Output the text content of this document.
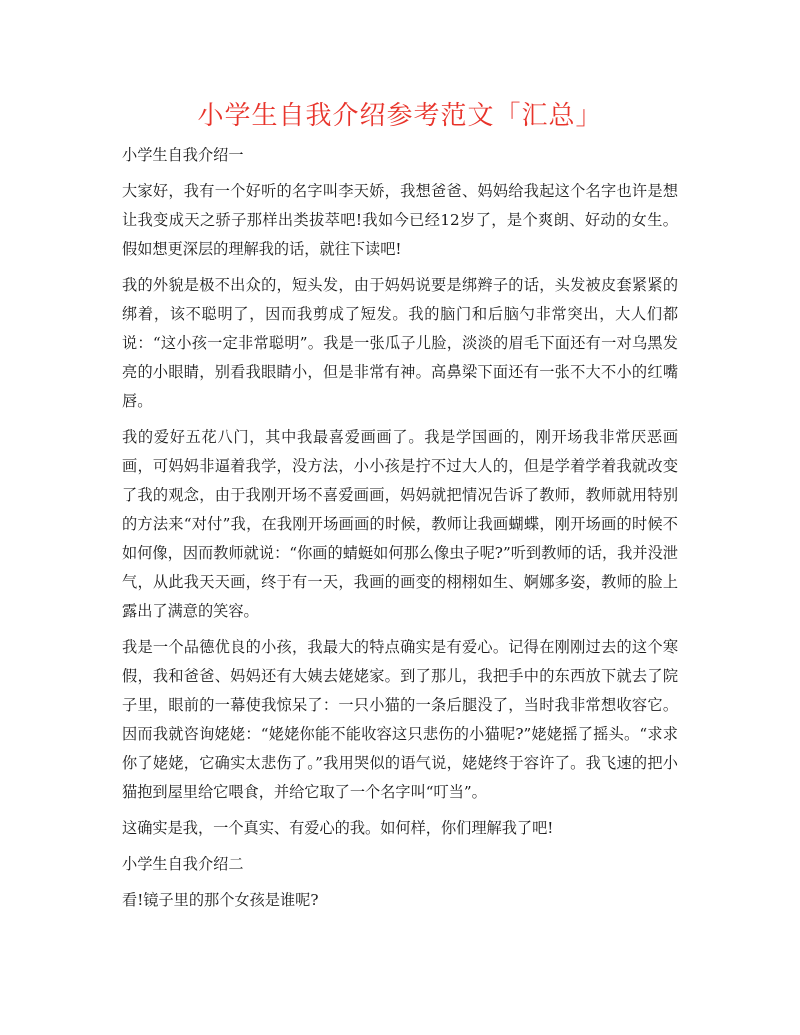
小学生自我介绍参考范文「汇总」
小学生自我介绍一
大家好，我有一个好听的名字叫李天娇，我想爸爸、妈妈给我起这个名字也许是想让我变成天之骄子那样出类拔萃吧!我如今已经12岁了，是个爽朗、好动的女生。假如想更深层的理解我的话，就往下读吧!
我的外貌是极不出众的，短头发，由于妈妈说要是绑辫子的话，头发被皮套紧紧的绑着，该不聪明了，因而我剪成了短发。我的脑门和后脑勺非常突出，大人们都说：“这小孩一定非常聪明”。我是一张瓜子儿脸，淡淡的眉毛下面还有一对乌黑发亮的小眼睛，别看我眼睛小，但是非常有神。高鼻梁下面还有一张不大不小的红嘴唇。
我的爱好五花八门，其中我最喜爱画画了。我是学国画的，刚开场我非常厌恶画画，可妈妈非逼着我学，没方法，小小孩是拧不过大人的，但是学着学着我就改变了我的观念，由于我刚开场不喜爱画画，妈妈就把情况告诉了教师，教师就用特别的方法来“对付”我，在我刚开场画画的时候，教师让我画蝴蝶，刚开场画的时候不如何像，因而教师就说：“你画的蜻蜓如何那么像虫子呢?”听到教师的话，我并没泄气，从此我天天画，终于有一天，我画的画变的栩栩如生、婀娜多姿，教师的脸上露出了满意的笑容。
我是一个品德优良的小孩，我最大的特点确实是有爱心。记得在刚刚过去的这个寒假，我和爸爸、妈妈还有大姨去姥姥家。到了那儿，我把手中的东西放下就去了院子里，眼前的一幕使我惊呆了：一只小猫的一条后腿没了，当时我非常想收容它。因而我就咨询姥姥：“姥姥你能不能收容这只悲伤的小猫呢?”姥姥摇了摇头。“求求你了姥姥，它确实太悲伤了。”我用哭似的语气说，姥姥终于容许了。我飞速的把小猫抱到屋里给它喂食，并给它取了一个名字叫“叮当”。
这确实是我，一个真实、有爱心的我。如何样，你们理解我了吧!
小学生自我介绍二
看!镜子里的那个女孩是谁呢?
